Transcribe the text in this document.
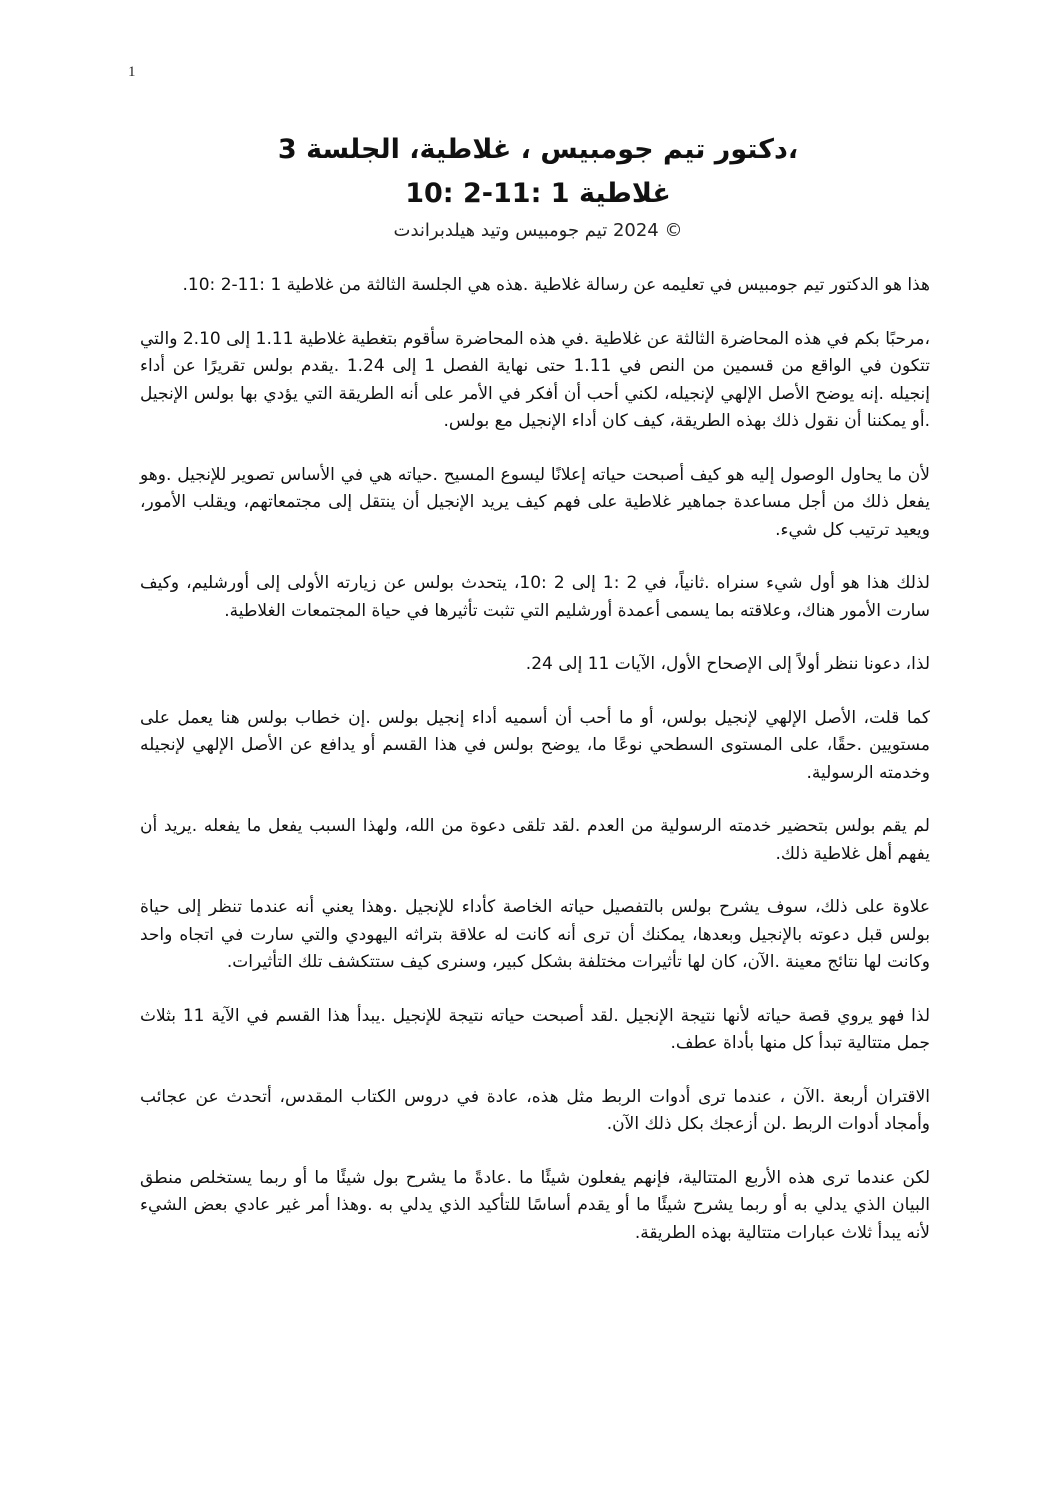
1

،دكتور تيم جومبيس ، غلاطية، الجلسة 3

غلاطية 1 :11-2 :10

© 2024 تيم جومبيس وتيد هيلدبراندت

هذا هو الدكتور تيم جومبيس في تعليمه عن رسالة غلاطية .هذه هي الجلسة الثالثة من غلاطية 1 :11-2 :10.

،مرحبًا بكم في هذه المحاضرة الثالثة عن غلاطية .في هذه المحاضرة سأقوم بتغطية غلاطية 1.11 إلى 2.10 والتي تتكون في الواقع من قسمين من النص في 1.11 حتى نهاية الفصل 1 إلى 1.24 .يقدم بولس تقريرًا عن أداء إنجيله .إنه يوضح الأصل الإلهي لإنجيله، لكني أحب أن أفكر في الأمر على أنه الطريقة التي يؤدي بها بولس الإنجيل .أو يمكننا أن نقول ذلك بهذه الطريقة، كيف كان أداء الإنجيل مع بولس.

لأن ما يحاول الوصول إليه هو كيف أصبحت حياته إعلانًا ليسوع المسيح .حياته هي في الأساس تصوير للإنجيل .وهو يفعل ذلك من أجل مساعدة جماهير غلاطية على فهم كيف يريد الإنجيل أن ينتقل إلى مجتمعاتهم، ويقلب الأمور، ويعيد ترتيب كل شيء.

لذلك هذا هو أول شيء سنراه .ثانياً، في 2 :1 إلى 2 :10، يتحدث بولس عن زيارته الأولى إلى أورشليم، وكيف سارت الأمور هناك، وعلاقته بما يسمى أعمدة أورشليم التي تثبت تأثيرها في حياة المجتمعات الغلاطية.

لذا، دعونا ننظر أولاً إلى الإصحاح الأول، الآيات 11 إلى 24.

كما قلت، الأصل الإلهي لإنجيل بولس، أو ما أحب أن أسميه أداء إنجيل بولس .إن خطاب بولس هنا يعمل على مستويين .حقًا، على المستوى السطحي نوعًا ما، يوضح بولس في هذا القسم أو يدافع عن الأصل الإلهي لإنجيله وخدمته الرسولية.

لم يقم بولس بتحضير خدمته الرسولية من العدم .لقد تلقى دعوة من الله، ولهذا السبب يفعل ما يفعله .يريد أن يفهم أهل غلاطية ذلك.

علاوة على ذلك، سوف يشرح بولس بالتفصيل حياته الخاصة كأداء للإنجيل .وهذا يعني أنه عندما تنظر إلى حياة بولس قبل دعوته بالإنجيل وبعدها، يمكنك أن ترى أنه كانت له علاقة بتراثه اليهودي والتي سارت في اتجاه واحد وكانت لها نتائج معينة .الآن، كان لها تأثيرات مختلفة بشكل كبير، وسنرى كيف ستتكشف تلك التأثيرات.

لذا فهو يروي قصة حياته لأنها نتيجة الإنجيل .لقد أصبحت حياته نتيجة للإنجيل .يبدأ هذا القسم في الآية 11 بثلاث جمل متتالية تبدأ كل منها بأداة عطف.

الاقتران أربعة .الآن ، عندما ترى أدوات الربط مثل هذه، عادة في دروس الكتاب المقدس، أتحدث عن عجائب وأمجاد أدوات الربط .لن أزعجك بكل ذلك الآن.

لكن عندما ترى هذه الأربع المتتالية، فإنهم يفعلون شيئًا ما .عادةً ما يشرح بول شيئًا ما أو ربما يستخلص منطق البيان الذي يدلي به أو ربما يشرح شيئًا ما أو يقدم أساسًا للتأكيد الذي يدلي به .وهذا أمر غير عادي بعض الشيء لأنه يبدأ ثلاث عبارات متتالية بهذه الطريقة.
